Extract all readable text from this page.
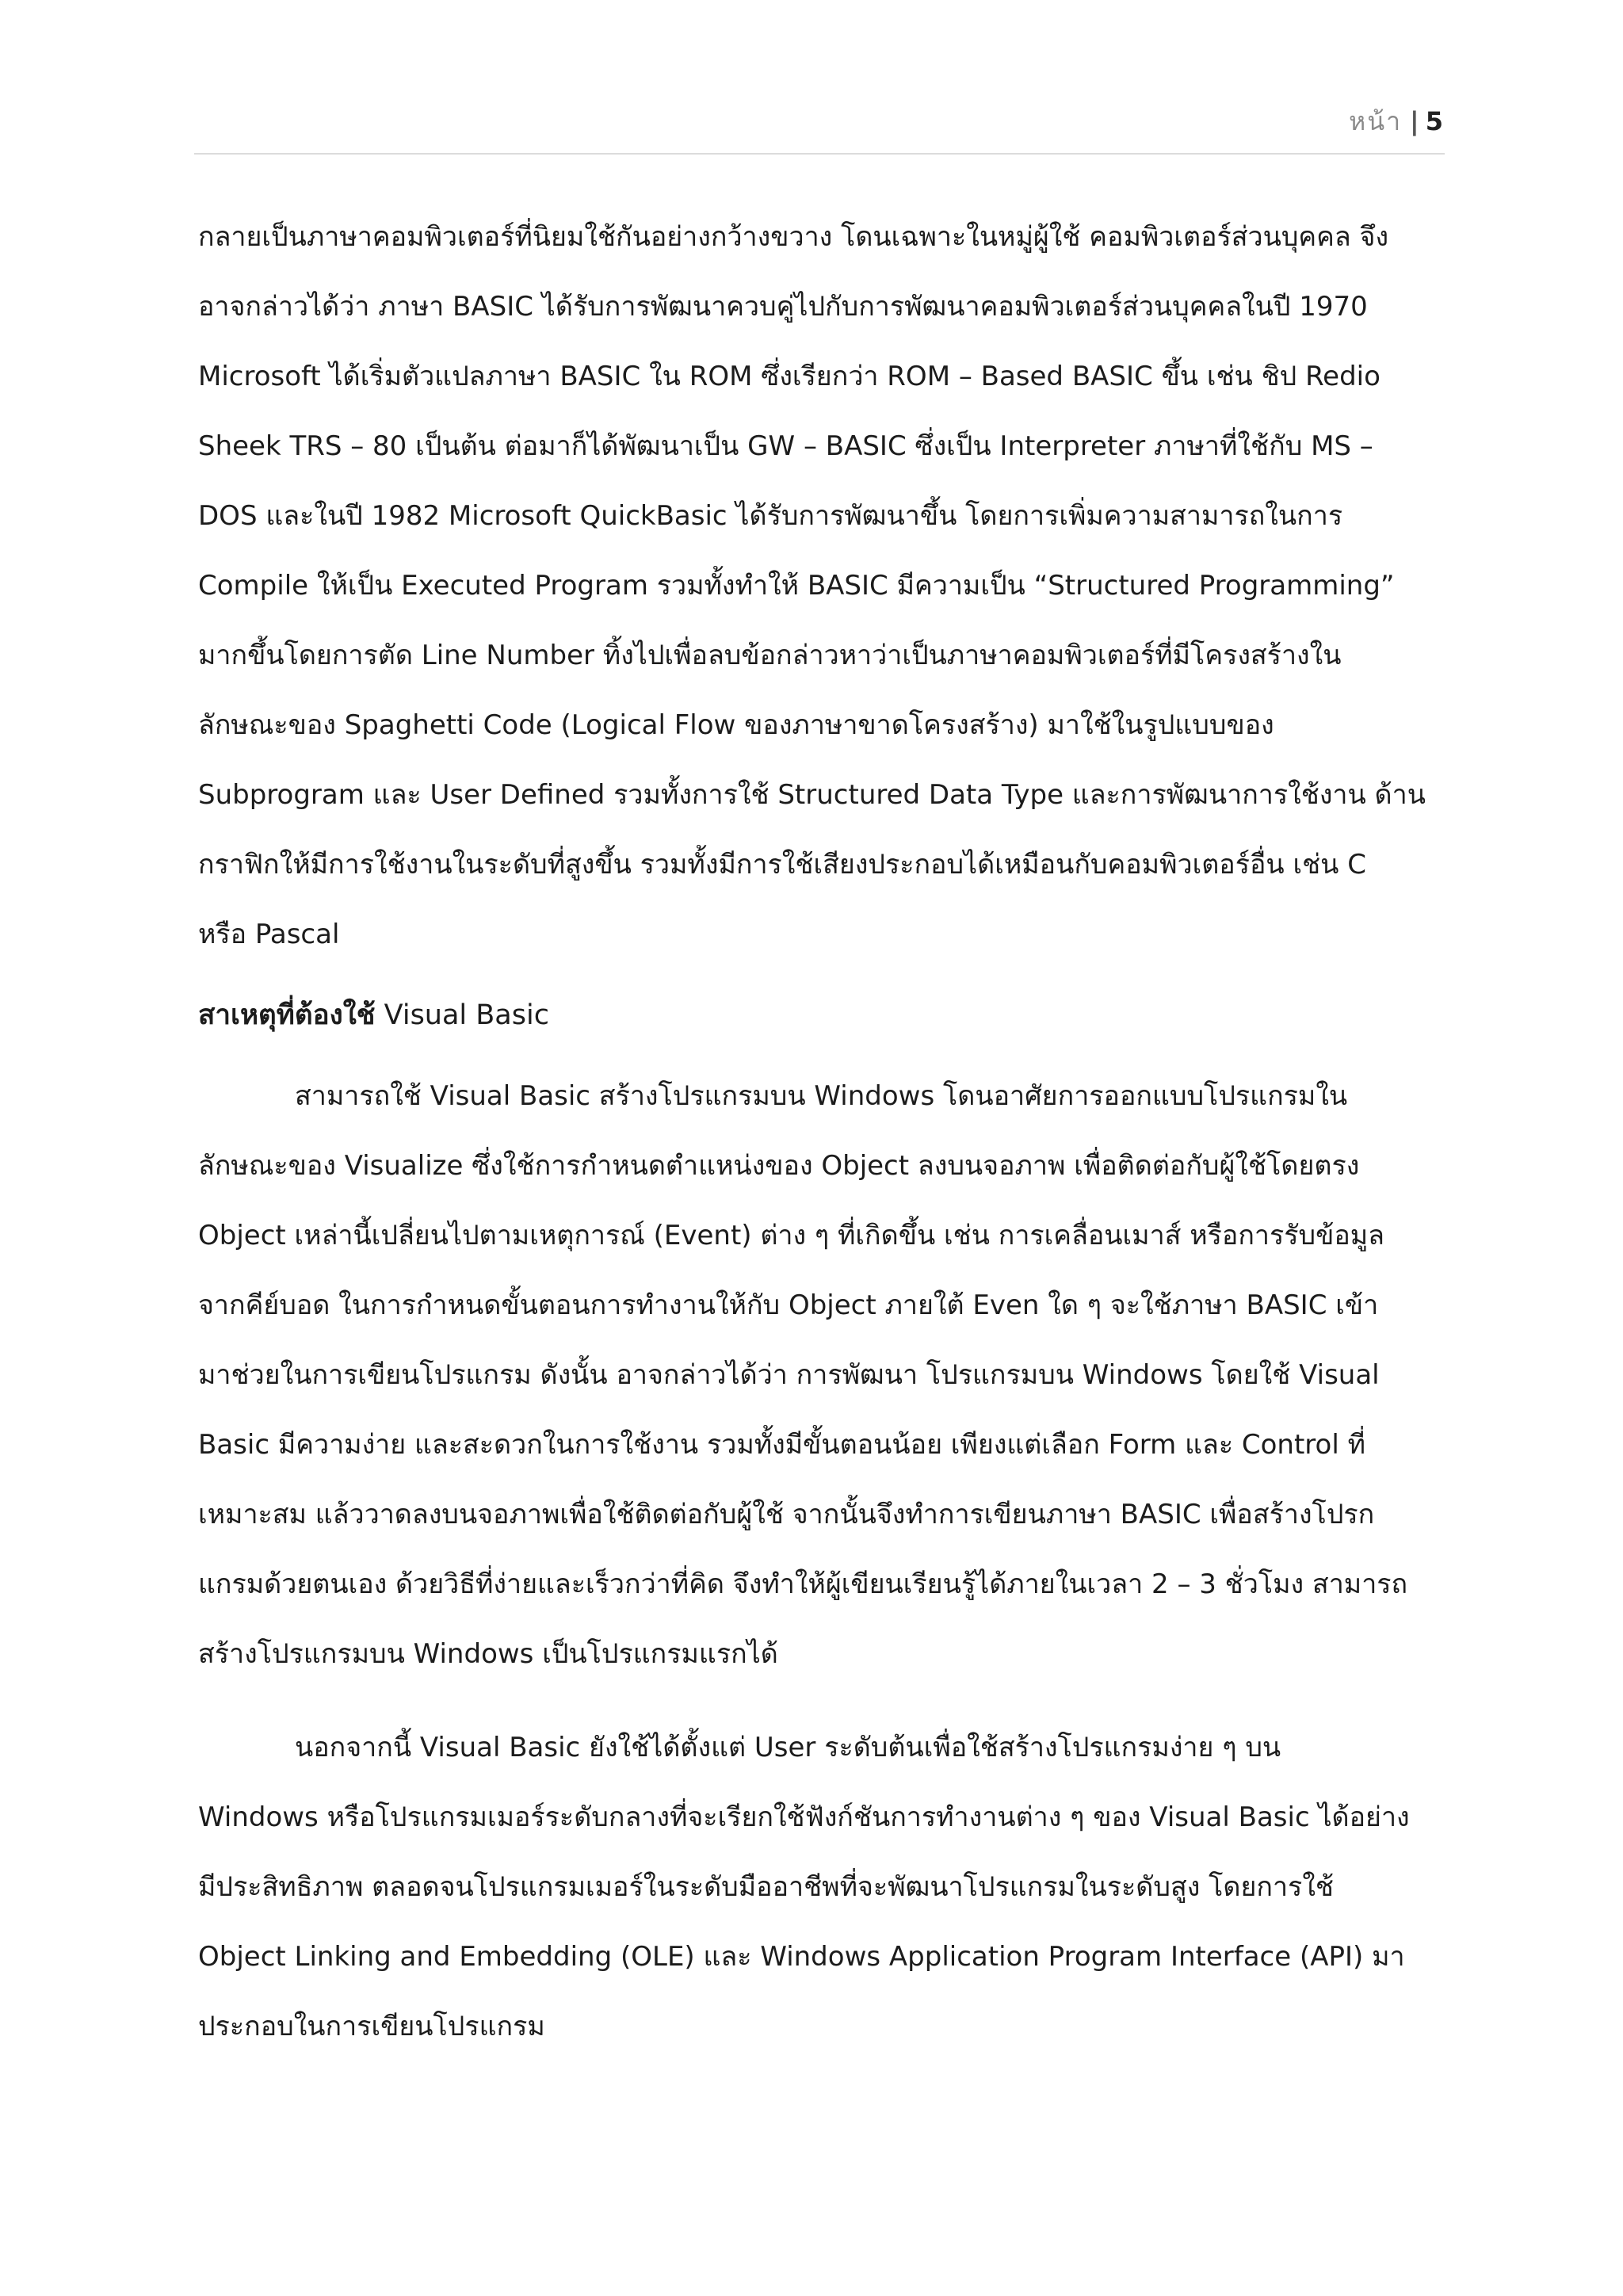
หน้า | 5
กลายเป็นภาษาคอมพิวเตอร์ที่นิยมใช้กันอย่างกว้างขวาง โดนเฉพาะในหมู่ผู้ใช้ คอมพิวเตอร์ส่วนบุคคล จึง
อาจกล่าวได้ว่า ภาษา BASIC ได้รับการพัฒนาควบคู่ไปกับการพัฒนาคอมพิวเตอร์ส่วนบุคคลในปี 1970
Microsoft ได้เริ่มตัวแปลภาษา BASIC ใน ROM ซึ่งเรียกว่า ROM – Based BASIC ขึ้น เช่น ชิป Redio
Sheek TRS – 80 เป็นต้น ต่อมาก็ได้พัฒนาเป็น GW – BASIC ซึ่งเป็น Interpreter ภาษาที่ใช้กับ MS –
DOS และในปี 1982 Microsoft QuickBasic ได้รับการพัฒนาขึ้น โดยการเพิ่มความสามารถในการ
Compile ให้เป็น Executed Program รวมทั้งทำให้ BASIC มีความเป็น “Structured Programming”
มากขึ้นโดยการตัด Line Number ทิ้งไปเพื่อลบข้อกล่าวหาว่าเป็นภาษาคอมพิวเตอร์ที่มีโครงสร้างใน
ลักษณะของ Spaghetti Code (Logical Flow ของภาษาขาดโครงสร้าง) มาใช้ในรูปแบบของ
Subprogram และ User Defined รวมทั้งการใช้ Structured Data Type และการพัฒนาการใช้งาน ด้าน
กราฟิกให้มีการใช้งานในระดับที่สูงขึ้น รวมทั้งมีการใช้เสียงประกอบได้เหมือนกับคอมพิวเตอร์อื่น เช่น C
หรือ Pascal
สาเหตุที่ต้องใช้ Visual Basic
สามารถใช้ Visual Basic สร้างโปรแกรมบน Windows โดนอาศัยการออกแบบโปรแกรมใน
ลักษณะของ Visualize ซึ่งใช้การกำหนดตำแหน่งของ Object ลงบนจอภาพ เพื่อติดต่อกับผู้ใช้โดยตรง
Object เหล่านี้เปลี่ยนไปตามเหตุการณ์ (Event) ต่าง ๆ ที่เกิดขึ้น เช่น การเคลื่อนเมาส์ หรือการรับข้อมูล
จากคีย์บอด ในการกำหนดขั้นตอนการทำงานให้กับ Object ภายใต้ Even ใด ๆ จะใช้ภาษา BASIC เข้า
มาช่วยในการเขียนโปรแกรม ดังนั้น อาจกล่าวได้ว่า การพัฒนา โปรแกรมบน Windows โดยใช้ Visual
Basic มีความง่าย และสะดวกในการใช้งาน รวมทั้งมีขั้นตอนน้อย เพียงแต่เลือก Form และ Control ที่
เหมาะสม แล้ววาดลงบนจอภาพเพื่อใช้ติดต่อกับผู้ใช้ จากนั้นจึงทำการเขียนภาษา BASIC เพื่อสร้างโปรก
แกรมด้วยตนเอง ด้วยวิธีที่ง่ายและเร็วกว่าที่คิด จึงทำให้ผู้เขียนเรียนรู้ได้ภายในเวลา 2 – 3 ชั่วโมง สามารถ
สร้างโปรแกรมบน Windows เป็นโปรแกรมแรกได้
นอกจากนี้ Visual Basic ยังใช้ได้ตั้งแต่ User ระดับต้นเพื่อใช้สร้างโปรแกรมง่าย ๆ บน
Windows หรือโปรแกรมเมอร์ระดับกลางที่จะเรียกใช้ฟังก์ชันการทำงานต่าง ๆ ของ Visual Basic ได้อย่าง
มีประสิทธิภาพ ตลอดจนโปรแกรมเมอร์ในระดับมืออาชีพที่จะพัฒนาโปรแกรมในระดับสูง โดยการใช้
Object Linking and Embedding (OLE) และ Windows Application Program Interface (API) มา
ประกอบในการเขียนโปรแกรม
